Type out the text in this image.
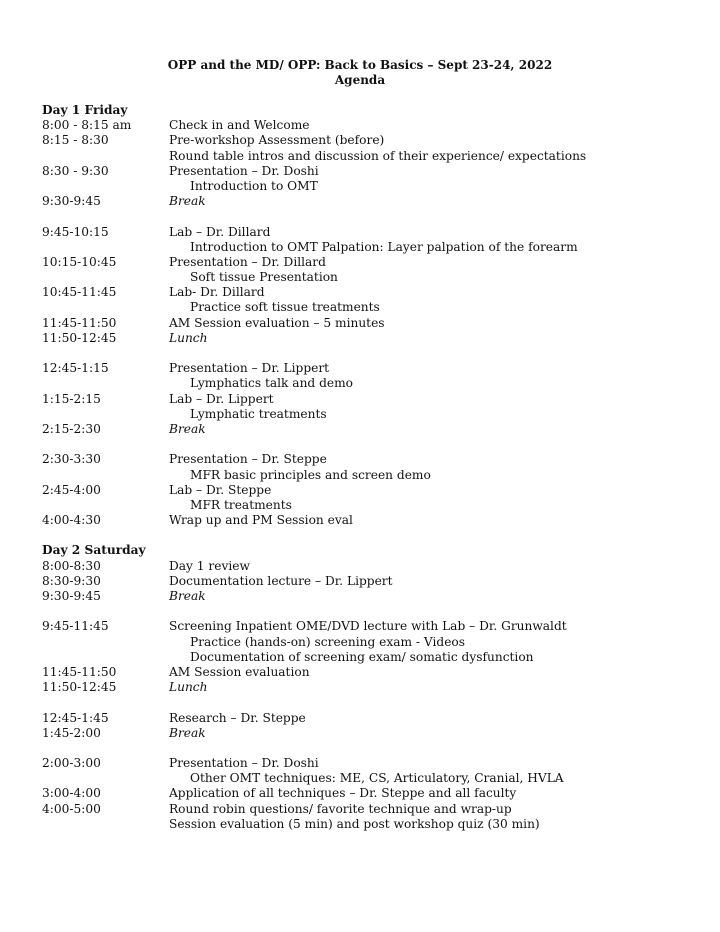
OPP and the MD/ OPP: Back to Basics – Sept 23-24, 2022
Agenda
Day 1 Friday
8:00 - 8:15 am	Check in and Welcome
8:15 - 8:30	Pre-workshop Assessment (before)
Round table intros and discussion of their experience/ expectations
8:30 - 9:30	Presentation – Dr. Doshi
Introduction to OMT
9:30-9:45	Break
9:45-10:15	Lab – Dr. Dillard
Introduction to OMT Palpation: Layer palpation of the forearm
10:15-10:45	Presentation – Dr. Dillard
Soft tissue Presentation
10:45-11:45	Lab- Dr. Dillard
Practice soft tissue treatments
11:45-11:50	AM Session evaluation – 5 minutes
11:50-12:45	Lunch
12:45-1:15	Presentation – Dr. Lippert
Lymphatics talk and demo
1:15-2:15	Lab – Dr. Lippert
Lymphatic treatments
2:15-2:30	Break
2:30-3:30	Presentation – Dr. Steppe
MFR basic principles and screen demo
2:45-4:00	Lab – Dr. Steppe
MFR treatments
4:00-4:30	Wrap up and PM Session eval
Day 2 Saturday
8:00-8:30	Day 1 review
8:30-9:30	Documentation lecture – Dr. Lippert
9:30-9:45	Break
9:45-11:45	Screening Inpatient OME/DVD lecture with Lab – Dr. Grunwaldt
Practice (hands-on) screening exam - Videos
Documentation of screening exam/ somatic dysfunction
11:45-11:50	AM Session evaluation
11:50-12:45	Lunch
12:45-1:45	Research – Dr. Steppe
1:45-2:00	Break
2:00-3:00	Presentation – Dr. Doshi
Other OMT techniques: ME, CS, Articulatory, Cranial, HVLA
3:00-4:00	Application of all techniques – Dr. Steppe and all faculty
4:00-5:00	Round robin questions/ favorite technique and wrap-up
Session evaluation (5 min) and post workshop quiz (30 min)
